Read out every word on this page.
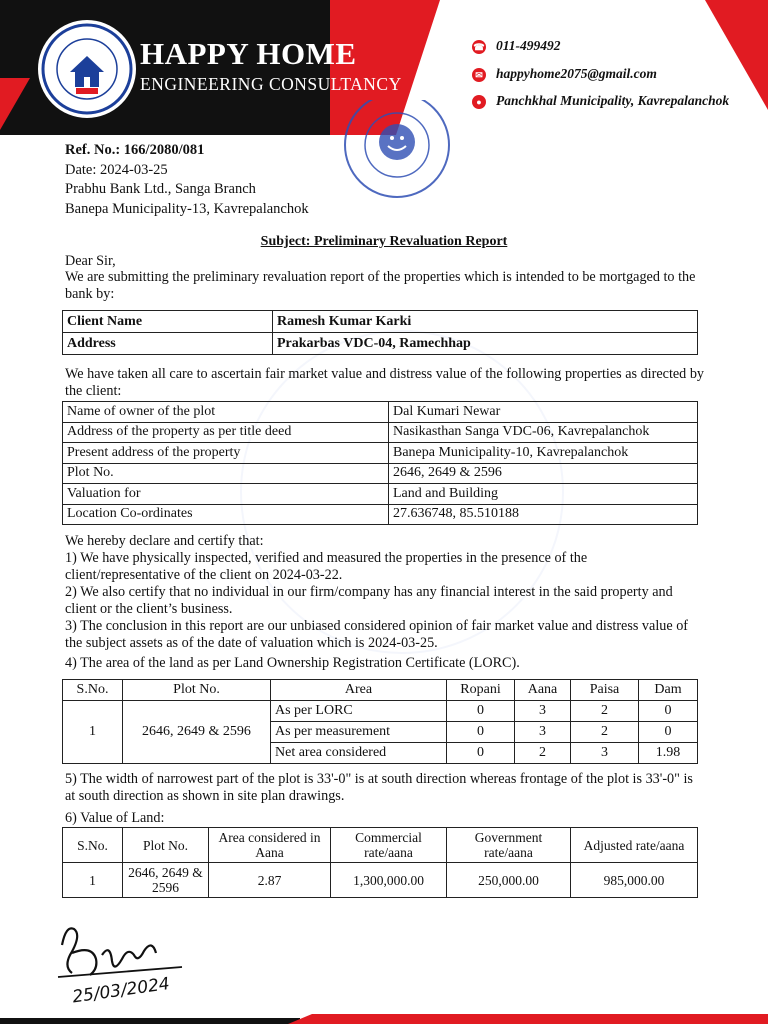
HAPPY HOME
ENGINEERING CONSULTANCY
☎ 011-499492
✉ happyhome2075@gmail.com
● Panchkhal Municipality, Kavrepalanchok
Ref. No.: 166/2080/081
Date: 2024-03-25
Prabhu Bank Ltd., Sanga Branch
Banepa Municipality-13, Kavrepalanchok
Subject: Preliminary Revaluation Report
Dear Sir,
We are submitting the preliminary revaluation report of the properties which is intended to be mortgaged to the bank by:
Client Name	Ramesh Kumar Karki
Address	Prakarbas VDC-04, Ramechhap
We have taken all care to ascertain fair market value and distress value of the following properties as directed by the client:
Name of owner of the plot	Dal Kumari Newar
Address of the property as per title deed	Nasikasthan Sanga VDC-06, Kavrepalanchok
Present address of the property	Banepa Municipality-10, Kavrepalanchok
Plot No.	2646, 2649 & 2596
Valuation for	Land and Building
Location Co-ordinates	27.636748, 85.510188
We hereby declare and certify that:
1) We have physically inspected, verified and measured the properties in the presence of the client/representative of the client on 2024-03-22.
2) We also certify that no individual in our firm/company has any financial interest in the said property and client or the client’s business.
3) The conclusion in this report are our unbiased considered opinion of fair market value and distress value of the subject assets as of the date of valuation which is 2024-03-25.
4) The area of the land as per Land Ownership Registration Certificate (LORC).
S.No.	Plot No.	Area	Ropani	Aana	Paisa	Dam
1	2646, 2649 & 2596	As per LORC	0	3	2	0
		As per measurement	0	3	2	0
		Net area considered	0	2	3	1.98
5) The width of narrowest part of the plot is 33'-0" is at south direction whereas frontage of the plot is 33'-0" is at south direction as shown in site plan drawings.
6) Value of Land:
S.No.	Plot No.	Area considered in Aana	Commercial rate/aana	Government rate/aana	Adjusted rate/aana
1	2646, 2649 & 2596	2.87	1,300,000.00	250,000.00	985,000.00
25/03/2024
